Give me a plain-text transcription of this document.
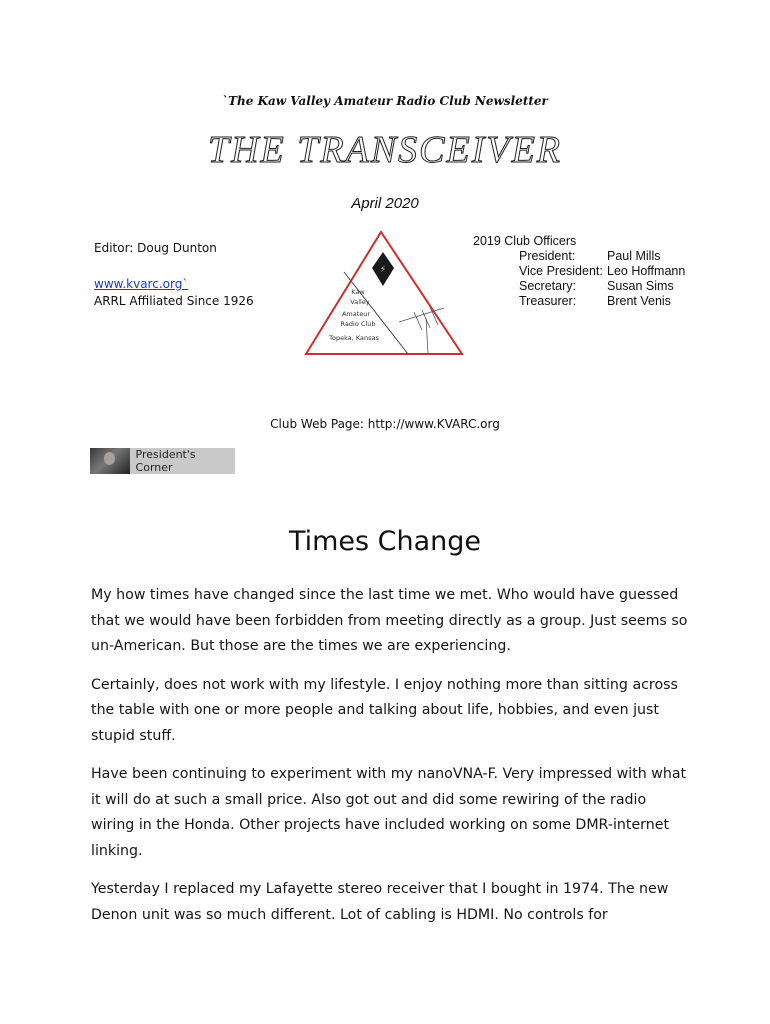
`The Kaw Valley Amateur Radio Club Newsletter
THE TRANSCEIVER
April 2020
Editor: Doug Dunton
www.kvarc.org`
ARRL Affiliated Since 1926
⚡
Kaw
Valley
Amateur
Radio Club
Topeka, Kansas
2019 Club Officers
President:	Paul Mills
Vice President: Leo Hoffmann
Secretary:	Susan Sims
Treasurer:	Brent Venis
Club Web Page: http://www.KVARC.org
President's Corner
Times Change

My how times have changed since the last time we met. Who would have guessed that we would have been forbidden from meeting directly as a group. Just seems so un-American. But those are the times we are experiencing.

Certainly, does not work with my lifestyle. I enjoy nothing more than sitting across the table with one or more people and talking about life, hobbies, and even just stupid stuff.

Have been continuing to experiment with my nanoVNA-F. Very impressed with what it will do at such a small price. Also got out and did some rewiring of the radio wiring in the Honda. Other projects have included working on some DMR-internet linking.

Yesterday I replaced my Lafayette stereo receiver that I bought in 1974. The new Denon unit was so much different. Lot of cabling is HDMI. No controls for
